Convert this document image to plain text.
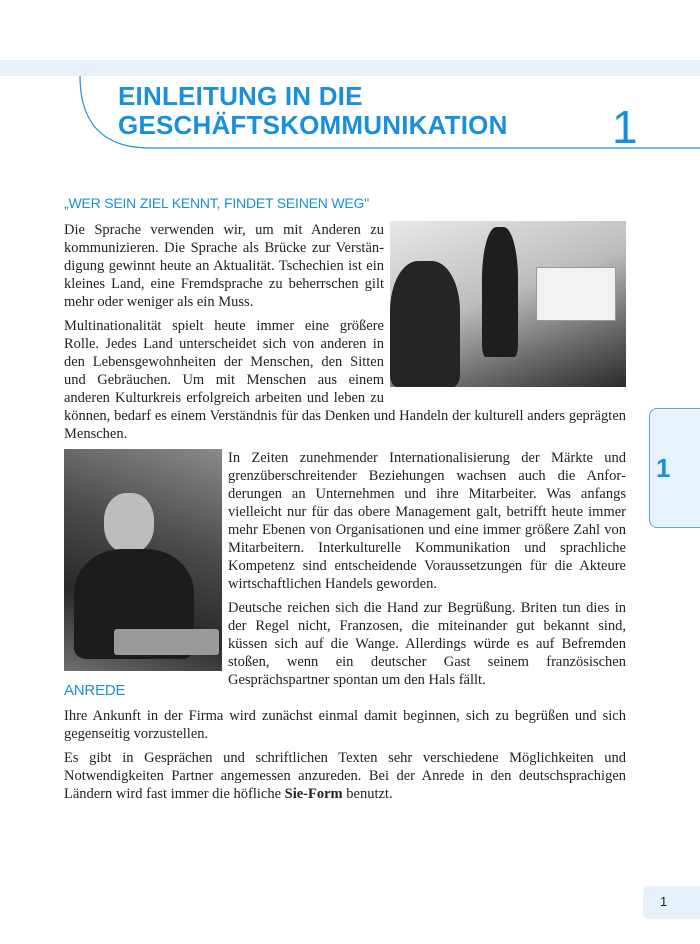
EINLEITUNG IN DIE
GESCHÄFTSKOMMUNIKATION 1
„WER SEIN ZIEL KENNT, FINDET SEINEN WEG"

Die Sprache verwenden wir, um mit Anderen zu kommunizieren. Die Sprache als Brücke zur Verständigung gewinnt heute an Aktualität. Tschechien ist ein kleines Land, eine Fremdsprache zu beherrschen gilt mehr oder weniger als ein Muss.

Multinationalität spielt heute immer eine größere Rolle. Jedes Land unterscheidet sich von anderen in den Lebensgewohnheiten der Menschen, den Sitten und Gebräuchen. Um mit Menschen aus einem anderen Kulturkreis erfolgreich arbeiten und leben zu können, bedarf es einem Verständnis für das Denken und Handeln der kulturell anders geprägten Menschen.

In Zeiten zunehmender Internationalisierung der Märkte und grenzüberschreitender Beziehungen wachsen auch die Anforderungen an Unternehmen und ihre Mitarbeiter. Was anfangs vielleicht nur für das obere Management galt, betrifft heute immer mehr Ebenen von Organisationen und eine immer größere Zahl von Mitarbeitern. Interkulturelle Kommunikation und sprachliche Kompetenz sind entscheidende Voraussetzungen für die Akteure wirtschaftlichen Handels geworden.

Deutsche reichen sich die Hand zur Begrüßung. Briten tun dies in der Regel nicht, Franzosen, die miteinander gut bekannt sind, küssen sich auf die Wange. Allerdings würde es auf Befremden stoßen, wenn ein deutscher Gast seinem französischen Gesprächspartner spontan um den Hals fällt.

ANREDE

Ihre Ankunft in der Firma wird zunächst einmal damit beginnen, sich zu begrüßen und sich gegenseitig vorzustellen.

Es gibt in Gesprächen und schriftlichen Texten sehr verschiedene Möglichkeiten und Notwendigkeiten Partner angemessen anzureden. Bei der Anrede in den deutschsprachigen Ländern wird fast immer die höfliche Sie-Form benutzt.

1
1
